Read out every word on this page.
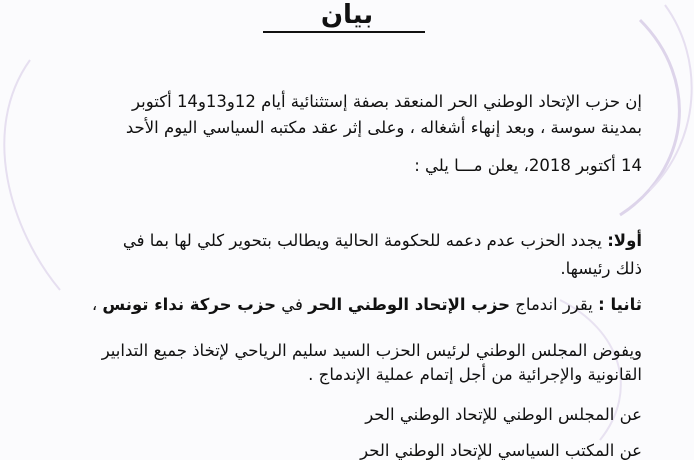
بيان
إن حزب الإتحاد الوطني الحر المنعقد بصفة إستثنائية أيام 12و13و14 أكتوبر
بمدينة سوسة ، وبعد إنهاء أشغاله ، وعلى إثر عقد مكتبه السياسي اليوم الأحد
14 أكتوبر 2018، يعلن مـــا يلي :
أولا: يجدد الحزب عدم دعمه للحكومة الحالية ويطالب بتحوير كلي لها بما في
ذلك رئيسها.
ثانيا : يقرر اندماج حزب الإتحاد الوطني الحر في حزب حركة نداء تونس ،
ويفوض المجلس الوطني لرئيس الحزب السيد سليم الرياحي لإتخاذ جميع التدابير
القانونية والإجرائية من أجل إتمام عملية الإندماج .
عن المجلس الوطني للإتحاد الوطني الحر
عن المكتب السياسي للإتحاد الوطني الحر
